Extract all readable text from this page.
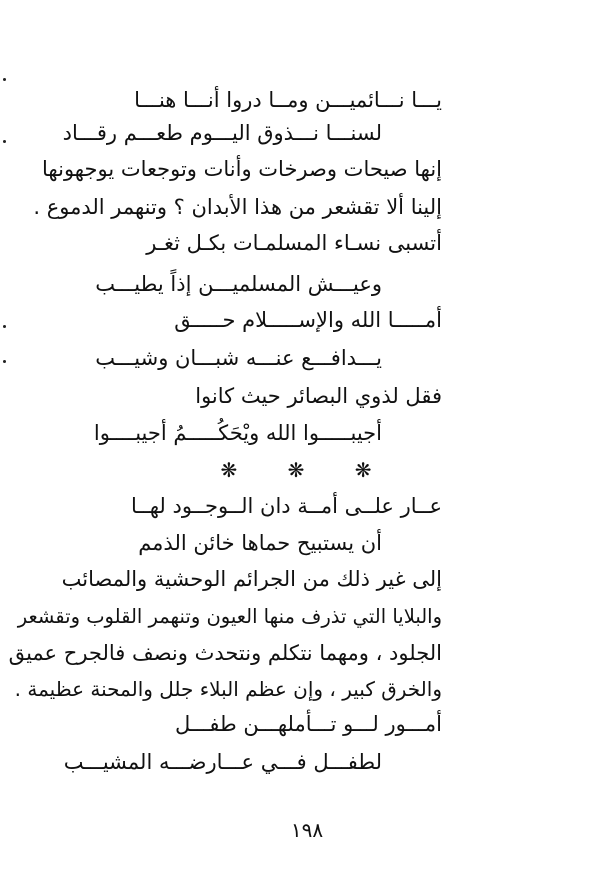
يـــا نـــائميـــن ومــا دروا أنـــا هنـــا
لسنـــا نـــذوق اليـــوم طعـــم رقـــاد
إنها صيحات وصرخات وأنات وتوجعات يوجهونها
إلينا ألا تقشعر من هذا الأبدان ؟ وتنهمر الدموع .
أتسبى نسـاء المسلمـات بكـل ثغـر
وعيـــش المسلميـــن إذاً يطيـــب
أمـــــا الله والإســـــلام حـــــق
يـــدافـــع عنـــه شبـــان وشيـــب
فقل لذوي البصائر حيث كانوا
أجيبـــــوا الله ويْحَكُـــــمُ أجيبــــوا
❋ ❋ ❋
عــار علــى أمــة دان الــوجــود لهــا
أن يستبيح حماها خائن الذمم
إلى غير ذلك من الجرائم الوحشية والمصائب
والبلايا التي تذرف منها العيون وتنهمر القلوب وتقشعر
الجلود ، ومهما نتكلم ونتحدث ونصف فالجرح عميق
والخرق كبير ، وإن عظم البلاء جلل والمحنة عظيمة .
أمـــور لـــو تـــأملهـــن طفـــل
لطفـــل فـــي عـــارضـــه المشيـــب
١٩٨
